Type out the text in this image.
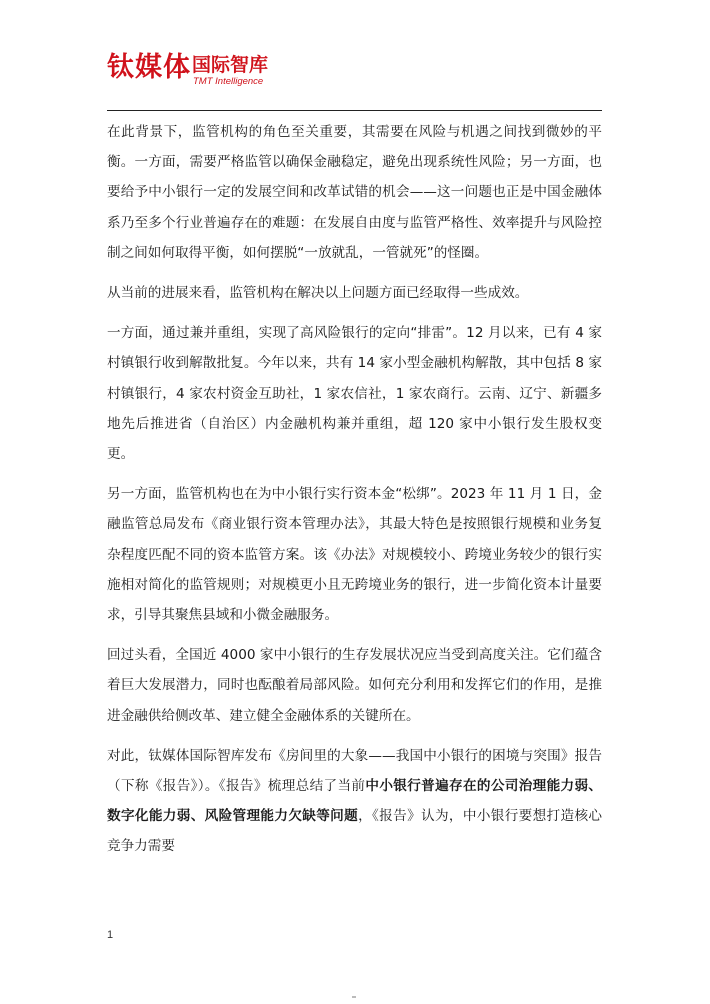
钛媒体 国际智库
TMT Intelligence

在此背景下，监管机构的角色至关重要，其需要在风险与机遇之间找到微妙的平衡。一方面，需要严格监管以确保金融稳定，避免出现系统性风险；另一方面，也要给予中小银行一定的发展空间和改革试错的机会——这一问题也正是中国金融体系乃至多个行业普遍存在的难题：在发展自由度与监管严格性、效率提升与风险控制之间如何取得平衡，如何摆脱“一放就乱，一管就死”的怪圈。

从当前的进展来看，监管机构在解决以上问题方面已经取得一些成效。

一方面，通过兼并重组，实现了高风险银行的定向“排雷”。12 月以来，已有 4 家村镇银行收到解散批复。今年以来，共有 14 家小型金融机构解散，其中包括 8 家村镇银行，4 家农村资金互助社，1 家农信社，1 家农商行。云南、辽宁、新疆多地先后推进省（自治区）内金融机构兼并重组，超 120 家中小银行发生股权变更。

另一方面，监管机构也在为中小银行实行资本金“松绑”。2023 年 11 月 1 日，金融监管总局发布《商业银行资本管理办法》，其最大特色是按照银行规模和业务复杂程度匹配不同的资本监管方案。该《办法》对规模较小、跨境业务较少的银行实施相对简化的监管规则；对规模更小且无跨境业务的银行，进一步简化资本计量要求，引导其聚焦县域和小微金融服务。

回过头看，全国近 4000 家中小银行的生存发展状况应当受到高度关注。它们蕴含着巨大发展潜力，同时也酝酿着局部风险。如何充分利用和发挥它们的作用，是推进金融供给侧改革、建立健全金融体系的关键所在。

对此，钛媒体国际智库发布《房间里的大象——我国中小银行的困境与突围》报告（下称《报告》）。《报告》梳理总结了当前中小银行普遍存在的公司治理能力弱、数字化能力弱、风险管理能力欠缺等问题，《报告》认为，中小银行要想打造核心竞争力需要

1
